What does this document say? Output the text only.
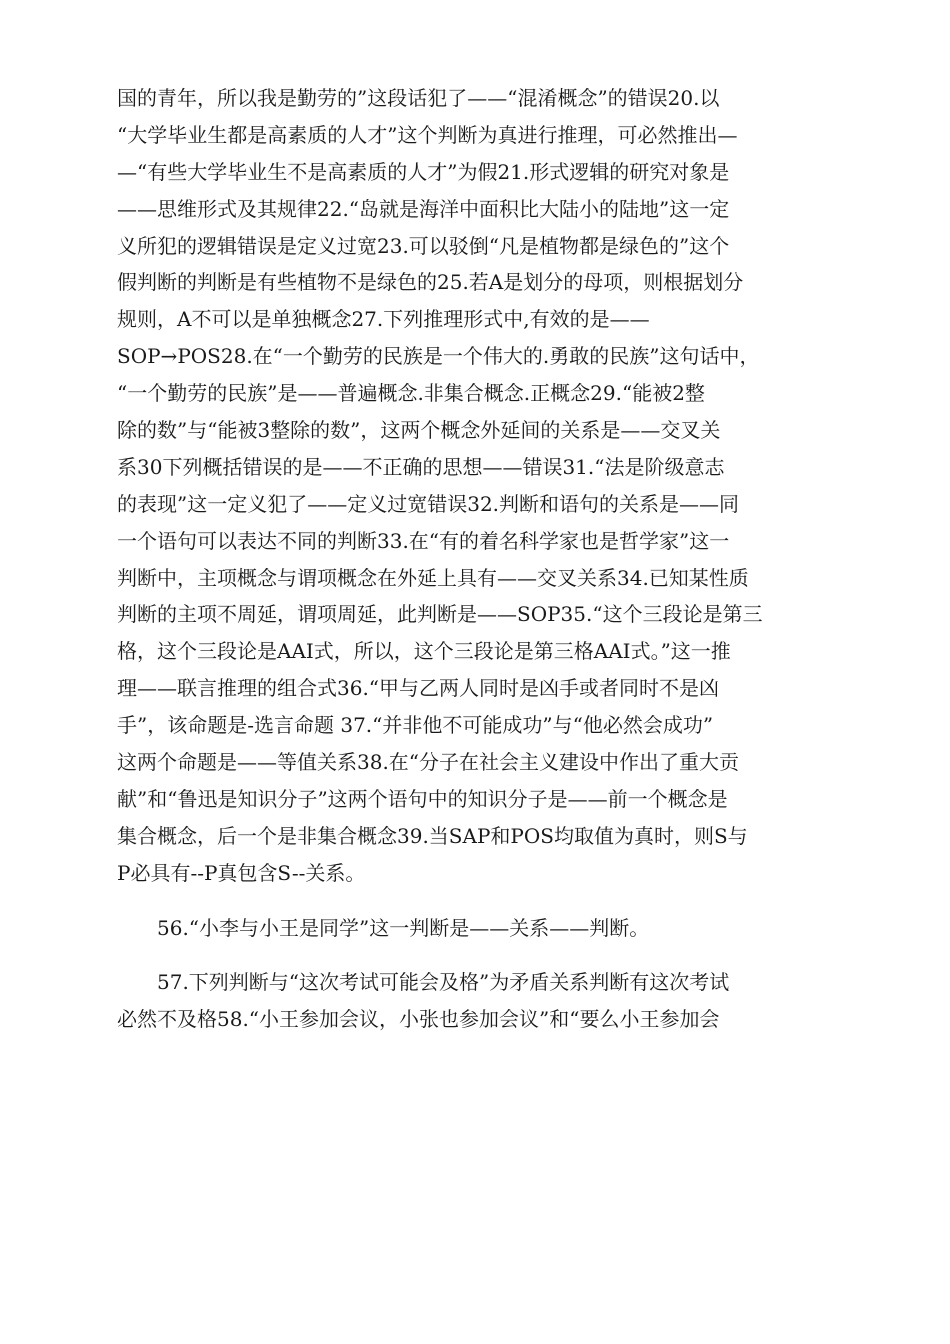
国的青年，所以我是勤劳的”这段话犯了——“混淆概念”的错误20.以
“大学毕业生都是高素质的人才”这个判断为真进行推理，可必然推出—
—“有些大学毕业生不是高素质的人才”为假21.形式逻辑的研究对象是
——思维形式及其规律22.“岛就是海洋中面积比大陆小的陆地”这一定
义所犯的逻辑错误是定义过宽23.可以驳倒“凡是植物都是绿色的”这个
假判断的判断是有些植物不是绿色的25.若A是划分的母项，则根据划分
规则，A不可以是单独概念27.下列推理形式中,有效的是——
SOP→POS28.在“一个勤劳的民族是一个伟大的.勇敢的民族”这句话中，
“一个勤劳的民族”是——普遍概念.非集合概念.正概念29.“能被2整
除的数”与“能被3整除的数”，这两个概念外延间的关系是——交叉关
系30下列概括错误的是——不正确的思想——错误31.“法是阶级意志
的表现”这一定义犯了——定义过宽错误32.判断和语句的关系是——同
一个语句可以表达不同的判断33.在“有的着名科学家也是哲学家”这一
判断中，主项概念与谓项概念在外延上具有——交叉关系34.已知某性质
判断的主项不周延，谓项周延，此判断是——SOP35.“这个三段论是第三
格，这个三段论是AAI式，所以，这个三段论是第三格AAI式。”这一推
理——联言推理的组合式36.“甲与乙两人同时是凶手或者同时不是凶
手”，该命题是-选言命题 37.“并非他不可能成功”与“他必然会成功”
这两个命题是——等值关系38.在“分子在社会主义建设中作出了重大贡
献”和“鲁迅是知识分子”这两个语句中的知识分子是——前一个概念是
集合概念，后一个是非集合概念39.当SAP和POS均取值为真时，则S与
P必具有--P真包含S--关系。
56.“小李与小王是同学”这一判断是——关系——判断。
57.下列判断与“这次考试可能会及格”为矛盾关系判断有这次考试
必然不及格58.“小王参加会议，小张也参加会议”和“要么小王参加会
